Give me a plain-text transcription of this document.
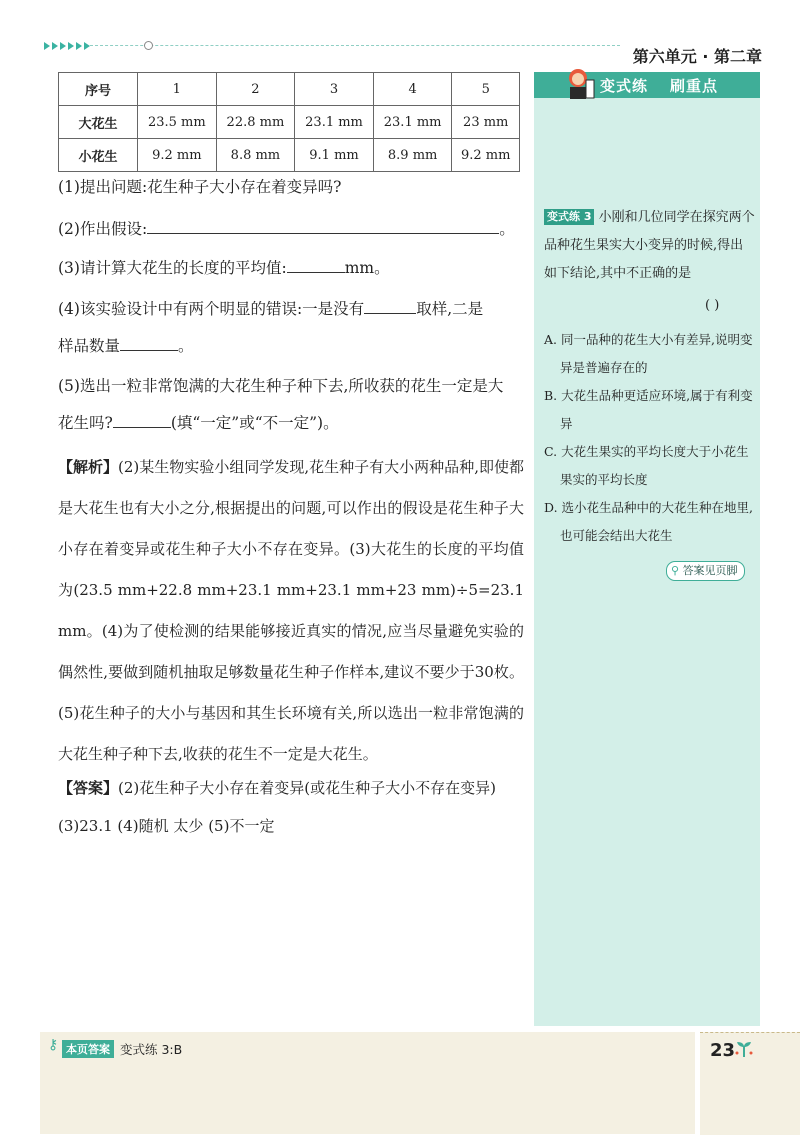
第六单元 · 第二章
序号	1	2	3	4	5
大花生	23.5 mm	22.8 mm	23.1 mm	23.1 mm	23 mm
小花生	9.2 mm	8.8 mm	9.1 mm	8.9 mm	9.2 mm
(1)提出问题:花生种子大小存在着变异吗?
(2)作出假设:	。
(3)请计算大花生的长度的平均值:	mm。
(4)该实验设计中有两个明显的错误:一是没有	取样,二是
样品数量	。
(5)选出一粒非常饱满的大花生种子种下去,所收获的花生一定是大
花生吗?	(填“一定”或“不一定”)。
【解析】(2)某生物实验小组同学发现,花生种子有大小两种品种,即使都是大花生也有大小之分,根据提出的问题,可以作出的假设是花生种子大小存在着变异或花生种子大小不存在变异。(3)大花生的长度的平均值为(23.5 mm+22.8 mm+23.1 mm+23.1 mm+23 mm)÷5=23.1 mm。(4)为了使检测的结果能够接近真实的情况,应当尽量避免实验的偶然性,要做到随机抽取足够数量花生种子作样本,建议不要少于30枚。(5)花生种子的大小与基因和其生长环境有关,所以选出一粒非常饱满的大花生种子种下去,收获的花生不一定是大花生。
【答案】(2)花生种子大小存在着变异(或花生种子大小不存在变异)
(3)23.1 (4)随机 太少 (5)不一定
变式练 刷重点
变式练 3 小刚和几位同学在探究两个品种花生果实大小变异的时候,得出如下结论,其中不正确的是
( )
A. 同一品种的花生大小有差异,说明变异是普遍存在的
B. 大花生品种更适应环境,属于有利变异
C. 大花生果实的平均长度大于小花生果实的平均长度
D. 选小花生品种中的大花生种在地里,也可能会结出大花生
⚲ 答案见页脚
⚷ 本页答案 变式练 3:B	23
